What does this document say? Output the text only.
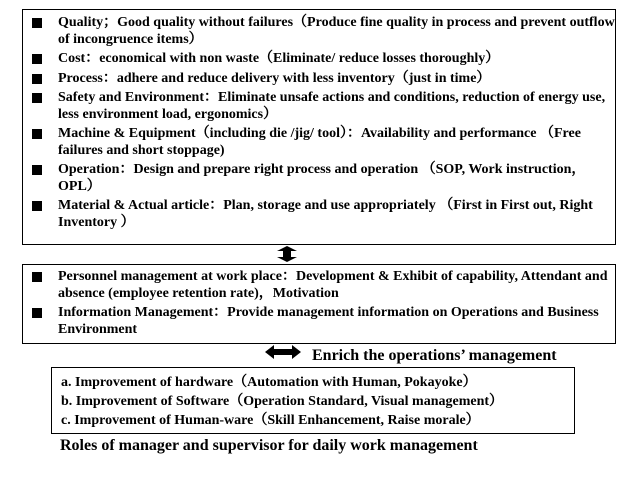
Quality；Good quality without failures（Produce fine quality in process and prevent outflow of incongruence items）
Cost：economical with non waste（Eliminate/ reduce losses thoroughly）
Process：adhere and reduce delivery with less inventory（just in time）
Safety and Environment：Eliminate unsafe actions and conditions, reduction of energy use, less environment load, ergonomics）
Machine & Equipment（including die /jig/ tool）：Availability and performance （Free failures and short stoppage)
Operation：Design and prepare right process and operation （SOP, Work instruction，OPL）
Material & Actual article：Plan, storage and use appropriately （First in First out, Right Inventory ）
Personnel management at work place：Development & Exhibit of capability, Attendant and absence (employee retention rate)，Motivation
Information Management：Provide management information on Operations and Business Environment
Enrich the operations’ management
a. Improvement of hardware（Automation with Human, Pokayoke）
b. Improvement of Software（Operation Standard, Visual management）
c. Improvement of Human-ware（Skill Enhancement, Raise morale）
Roles of manager and supervisor for daily work management
